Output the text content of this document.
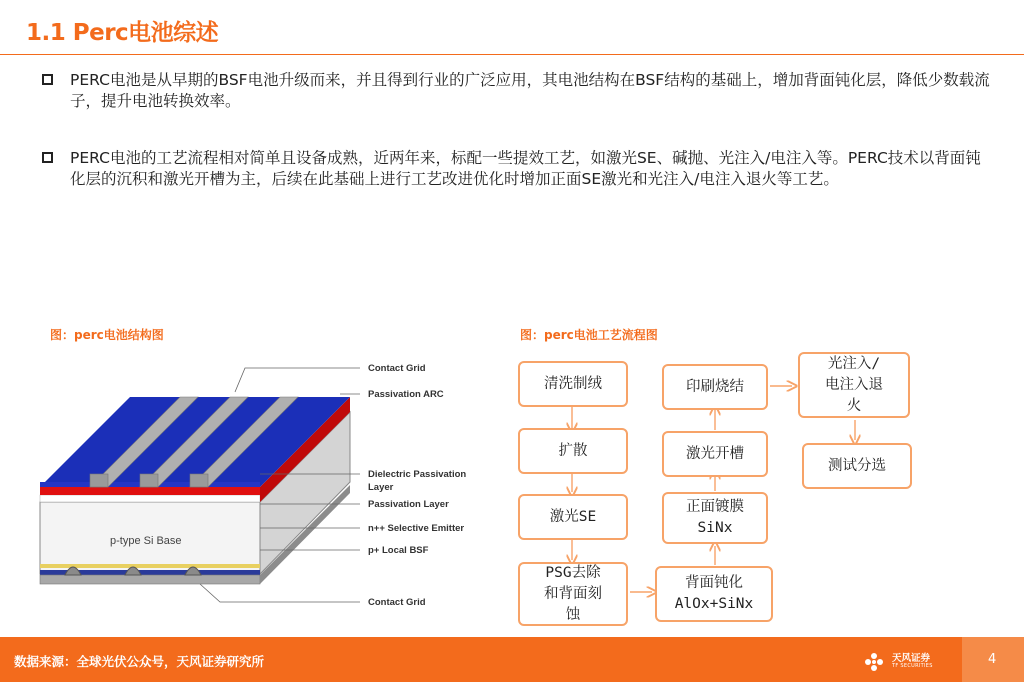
1.1 Perc电池综述
PERC电池是从早期的BSF电池升级而来，并且得到行业的广泛应用，其电池结构在BSF结构的基础上，增加背面钝化层，降低少数载流子，提升电池转换效率。
PERC电池的工艺流程相对简单且设备成熟，近两年来，标配一些提效工艺，如激光SE、碱抛、光注入/电注入等。PERC技术以背面钝化层的沉积和激光开槽为主，后续在此基础上进行工艺改进优化时增加正面SE激光和光注入/电注入退火等工艺。
图：perc电池结构图	图：perc电池工艺流程图
p-type Si Base
Contact Grid
Passivation ARC
Dielectric Passivation
Layer
Passivation Layer
n++ Selective Emitter
p+ Local BSF
Contact Grid
清洗制绒
扩散
激光SE
PSG去除
和背面刻
蚀
背面钝化
AlOx+SiNx
正面镀膜
SiNx
激光开槽
印刷烧结
光注入/
电注入退
火
测试分选
数据来源：全球光伏公众号，天风证券研究所	天风证券
TF SECURITIES	4
